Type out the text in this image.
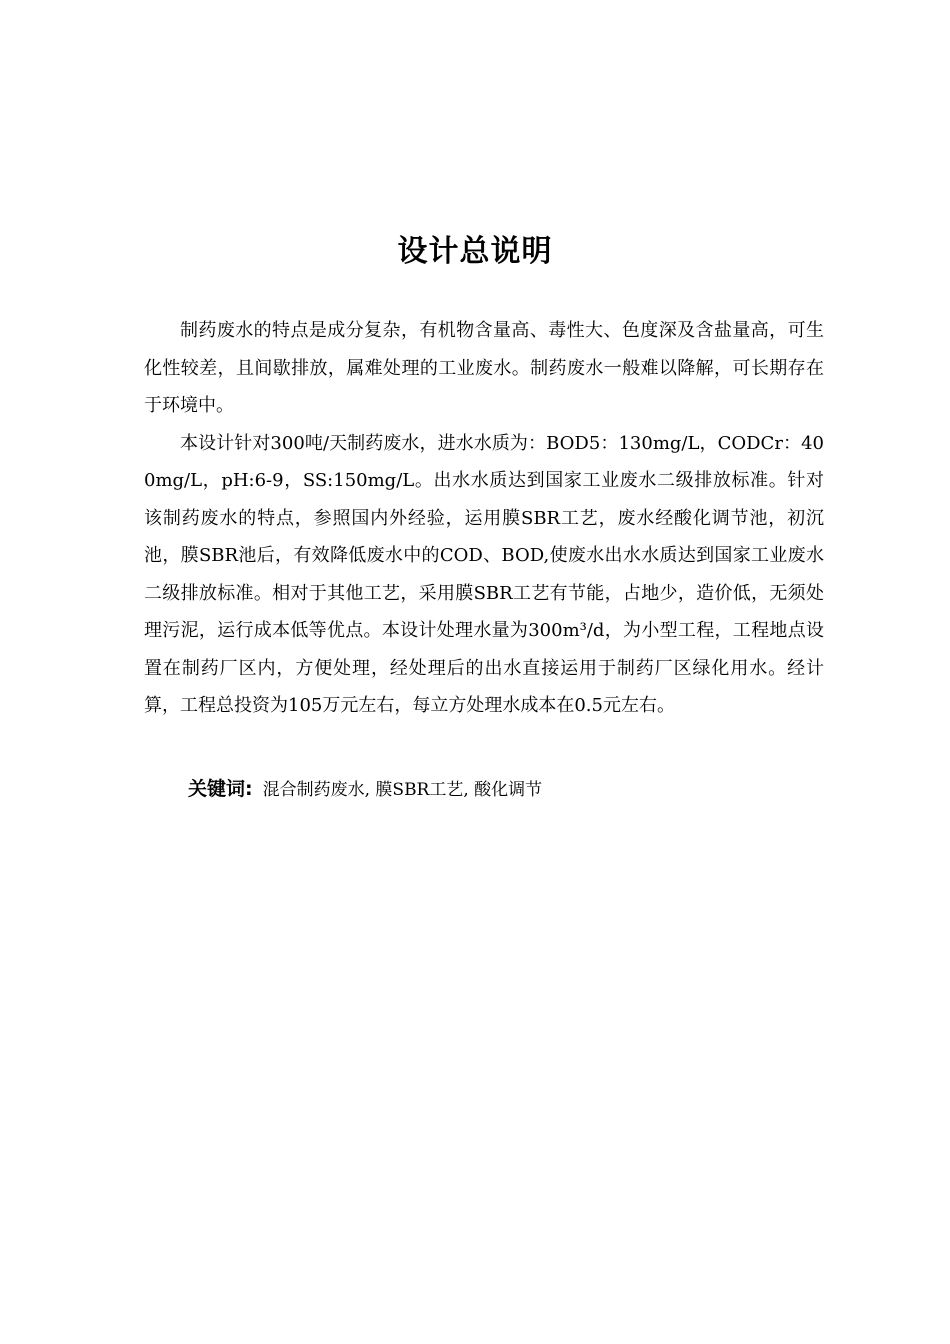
设计总说明

制药废水的特点是成分复杂，有机物含量高、毒性大、色度深及含盐量高，可生化性较差，且间歇排放，属难处理的工业废水。制药废水一般难以降解，可长期存在于环境中。

本设计针对300吨/天制药废水，进水水质为：BOD5：130mg/L，CODCr：400mg/L，pH:6-9，SS:150mg/L。出水水质达到国家工业废水二级排放标准。针对该制药废水的特点，参照国内外经验，运用膜SBR工艺，废水经酸化调节池，初沉池，膜SBR池后，有效降低废水中的COD、BOD,使废水出水水质达到国家工业废水二级排放标准。相对于其他工艺，采用膜SBR工艺有节能，占地少，造价低，无须处理污泥，运行成本低等优点。本设计处理水量为300m³/d，为小型工程，工程地点设置在制药厂区内，方便处理，经处理后的出水直接运用于制药厂区绿化用水。经计算，工程总投资为105万元左右，每立方处理水成本在0.5元左右。

关键词: 混合制药废水, 膜SBR工艺, 酸化调节
